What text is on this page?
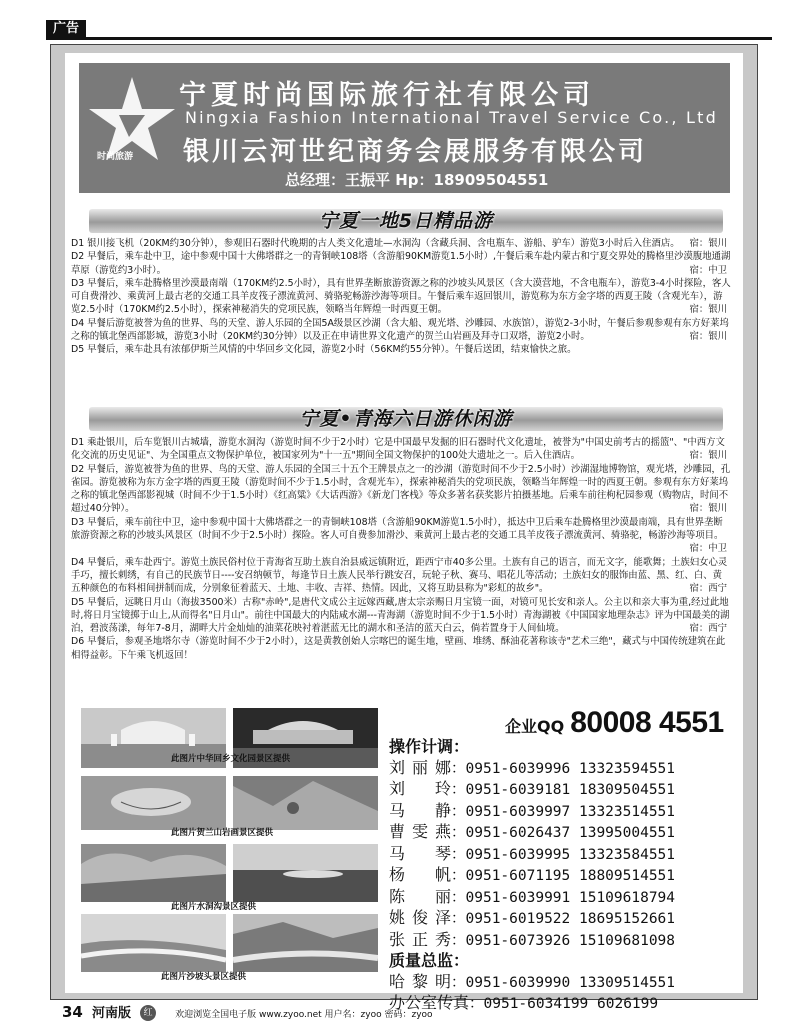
广告
时尚旅游
宁夏时尚国际旅行社有限公司
Ningxia Fashion International Travel Service Co., Ltd
银川云河世纪商务会展服务有限公司
总经理：王振平 Hp：18909504551
宁夏一地5日精品游
D1 银川接飞机（20KM约30分钟），参观旧石器时代晚期的古人类文化遗址—水洞沟（含藏兵洞、含电瓶车、游船、驴车）游览3小时后入住酒店。 宿：银川
D2 早餐后，乘车赴中卫，途中参观中国十大佛塔群之一的青铜峡108塔（含游船90KM游览1.5小时）,午餐后乘车赴内蒙古和宁夏交界处的腾格里沙漠腹地通湖草原（游览约3小时）。	宿：中卫
D3 早餐后，乘车赴腾格里沙漠最南端（170KM约2.5小时），具有世界垄断旅游资源之称的沙坡头风景区（含大漠营地，不含电瓶车），游览3-4小时探险，客人可自费滑沙、乘黄河上最古老的交通工具羊皮筏子漂流黄河、骑骆驼畅游沙海等项目。午餐后乘车返回银川，游览称为东方金字塔的西夏王陵（含观光车），游览2.5小时（170KM约2.5小时），探索神秘消失的党项民族，领略当年辉煌一时西夏王朝。	宿：银川
D4 早餐后游览被誉为鱼的世界、鸟的天堂、游人乐园的全国5A级景区沙湖（含大船、观光塔、沙雕园、水族馆），游览2-3小时，午餐后参观参观有东方好莱坞之称的镇北堡西部影城，游览3小时（20KM约30分钟）以及正在申请世界文化遗产的贺兰山岩画及拜寺口双塔，游览2小时。	宿：银川
D5 早餐后，乘车赴具有浓郁伊斯兰风情的中华回乡文化园，游览2小时（56KM约55分钟）。午餐后送团，结束愉快之旅。
宁夏•青海六日游休闲游
D1 乘赴银川，后车览银川古城墙，游览水洞沟（游览时间不少于2小时）它是中国最早发掘的旧石器时代文化遗址，被誉为"中国史前考古的摇篮"、"中西方文化交流的历史见证"、为全国重点文物保护单位，被国家列为"十一五"期间全国文物保护的100处大遗址之一。后入住酒店。	宿：银川
D2 早餐后，游览被誉为鱼的世界、鸟的天堂、游人乐园的全国三十五个王牌景点之一的沙湖（游览时间不少于2.5小时）沙湖湿地博物馆，观光塔，沙雕园，孔雀园。游览被称为东方金字塔的西夏王陵（游览时间不少于1.5小时，含观光车），探索神秘消失的党项民族，领略当年辉煌一时的西夏王朝。参观有东方好莱坞之称的镇北堡西部影视城（时间不少于1.5小时）《红高粱》《大话西游》《新龙门客栈》等众多著名获奖影片拍摄基地。后乘车前往枸杞园参观（购物店，时间不超过40分钟）。	宿：银川
D3 早餐后，乘车前往中卫，途中参观中国十大佛塔群之一的青铜峡108塔（含游船90KM游览1.5小时），抵达中卫后乘车赴腾格里沙漠最南端，具有世界垄断旅游资源之称的沙坡头风景区（时间不少于2.5小时）探险。客人可自费参加滑沙、乘黄河上最古老的交通工具羊皮筏子漂流黄河、骑骆驼，畅游沙海等项目。
宿：中卫
D4 早餐后，乘车赴西宁。游览土族民俗村位于青海省互助土族自治县威远镇附近，距西宁市40多公里。土族有自己的语言，而无文字，能歌舞；土族妇女心灵手巧，擅长刺绣，有自己的民族节日----安召纳顿节，每逢节日土族人民举行跳安召，玩轮子秋、赛马、唱花儿等活动；土族妇女的服饰由蓝、黑、红、白、黄五种颜色的布料相间拼制而成，分别象征着蓝天、土地、丰收、吉祥、热情。因此，又将互助县称为"彩虹的故乡"。	宿：西宁
D5 早餐后，远眺日月山（海拔3500米）古称"赤岭",是唐代文成公主远嫁西藏,唐太宗亲赐日月宝镜一面，对镜可见长安和亲人。公主以和亲大事为重,经过此地时,将日月宝镜掷于山上,从而得名"日月山"。前往中国最大的内陆咸水湖---青海湖（游览时间不少于1.5小时）青海湖被《中国国家地理杂志》评为中国最美的湖泊，碧波荡漾，每年7-8月，湖畔大片金灿灿的油菜花映衬着湛蓝无比的湖水和圣洁的蓝天白云，倘若置身于人间仙境。	宿：西宁
D6 早餐后，参观圣地塔尔寺（游览时间不少于2小时），这是黄教创始人宗喀巴的诞生地，壁画、堆绣、酥油花著称该寺"艺术三绝"，藏式与中国传统建筑在此相得益彰。下午乘飞机返回！
此图片中华回乡文化园景区提供
此图片贺兰山岩画景区提供
此图片水洞沟景区提供
此图片沙坡头景区提供
企业QQ 80008 4551
操作计调：
刘丽娜：0951-6039996 13323594551
刘玲：0951-6039181 18309504551
马静：0951-6039997 13323514551
曹雯燕：0951-6026437 13995004551
马琴：0951-6039995 13323584551
杨帆：0951-6071195 18809514551
陈丽：0951-6039991 15109618794
姚俊泽：0951-6019522 18695152661
张正秀：0951-6073926 15109681098
质量总监：
哈黎明：0951-6039990 13309514551
办公室传真：0951-6034199 6026199
34 河南版 红	欢迎浏览全国电子版 www.zyoo.net 用户名：zyoo 密码：zyoo
